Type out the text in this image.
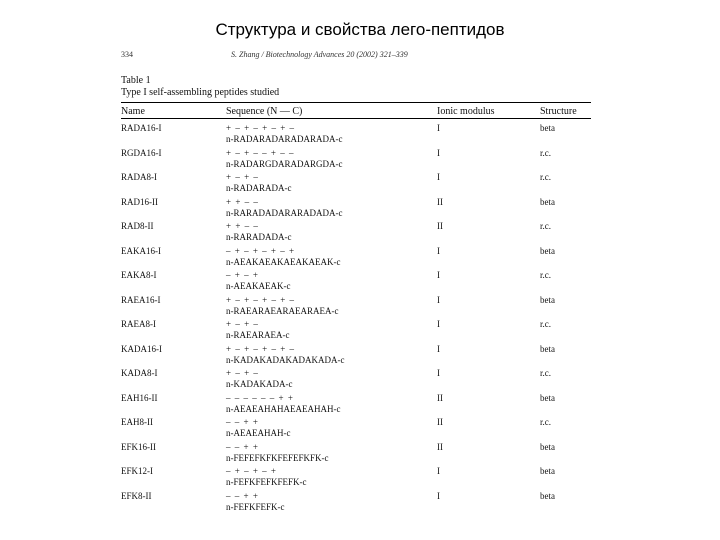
Структура и свойства лего-пептидов
334	S. Zhang / Biotechnology Advances 20 (2002) 321–339
Table 1
Type I self-assembling peptides studied
Name	Sequence (N — C)	Ionic modulus	Structure
RADA16-I	+ – + – + – + –
n-RADARADARADARADA-c
I	beta
RGDA16-I	+ – + – – + – –
n-RADARGDARADARGDA-c
I	r.c.
RADA8-I	+ – + –
n-RADARADA-c
I	r.c.
RAD16-II	+ + – –
n-RARADADARARADADA-c
II	beta
RAD8-II	+ + – –
n-RARADADA-c
II	r.c.
EAKA16-I	– + – + – + – +
n-AEAKAEAKAEAKAEAK-c
I	beta
EAKA8-I	– + – +
n-AEAKAEAK-c
I	r.c.
RAEA16-I	+ – + – + – + –
n-RAEARAEARAEARAEA-c
I	beta
RAEA8-I	+ – + –
n-RAEARAEA-c
I	r.c.
KADA16-I	+ – + – + – + –
n-KADAKADAKADAKADA-c
I	beta
KADA8-I	+ – + –
n-KADAKADA-c
I	r.c.
EAH16-II	– – – – – – + +
n-AEAEAHAHAEAEAHAH-c
II	beta
EAH8-II	– – + +
n-AEAEAHAH-c
II	r.c.
EFK16-II	– – + +
n-FEFEFKFKFEFEFKFK-c
II	beta
EFK12-I	– + – + – +
n-FEFKFEFKFEFK-c
I	beta
EFK8-II	– – + +
n-FEFKFEFK-c
I	beta
